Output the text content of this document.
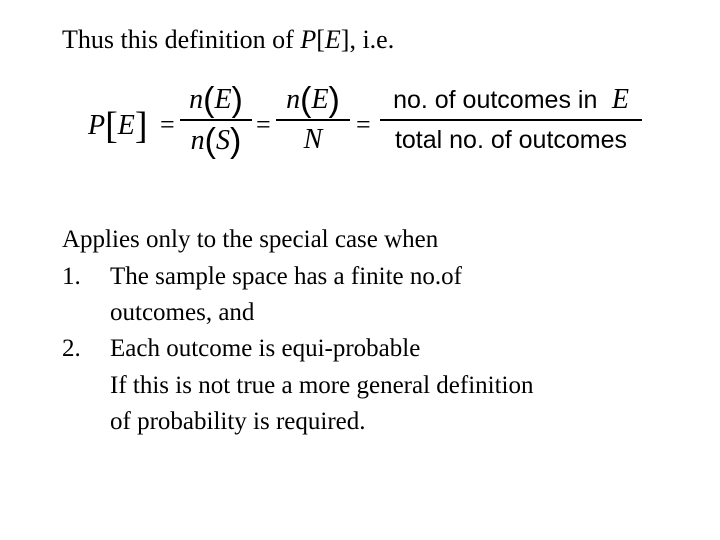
Thus this definition of P[E], i.e.
P[E] =
n(E)
n(S) =
n(E)
N	=
no. of outcomes in E
total no. of outcomes
Applies only to the special case when
1. The sample space has a finite no.of
outcomes, and
2. Each outcome is equi-probable
If this is not true a more general definition
of probability is required.
